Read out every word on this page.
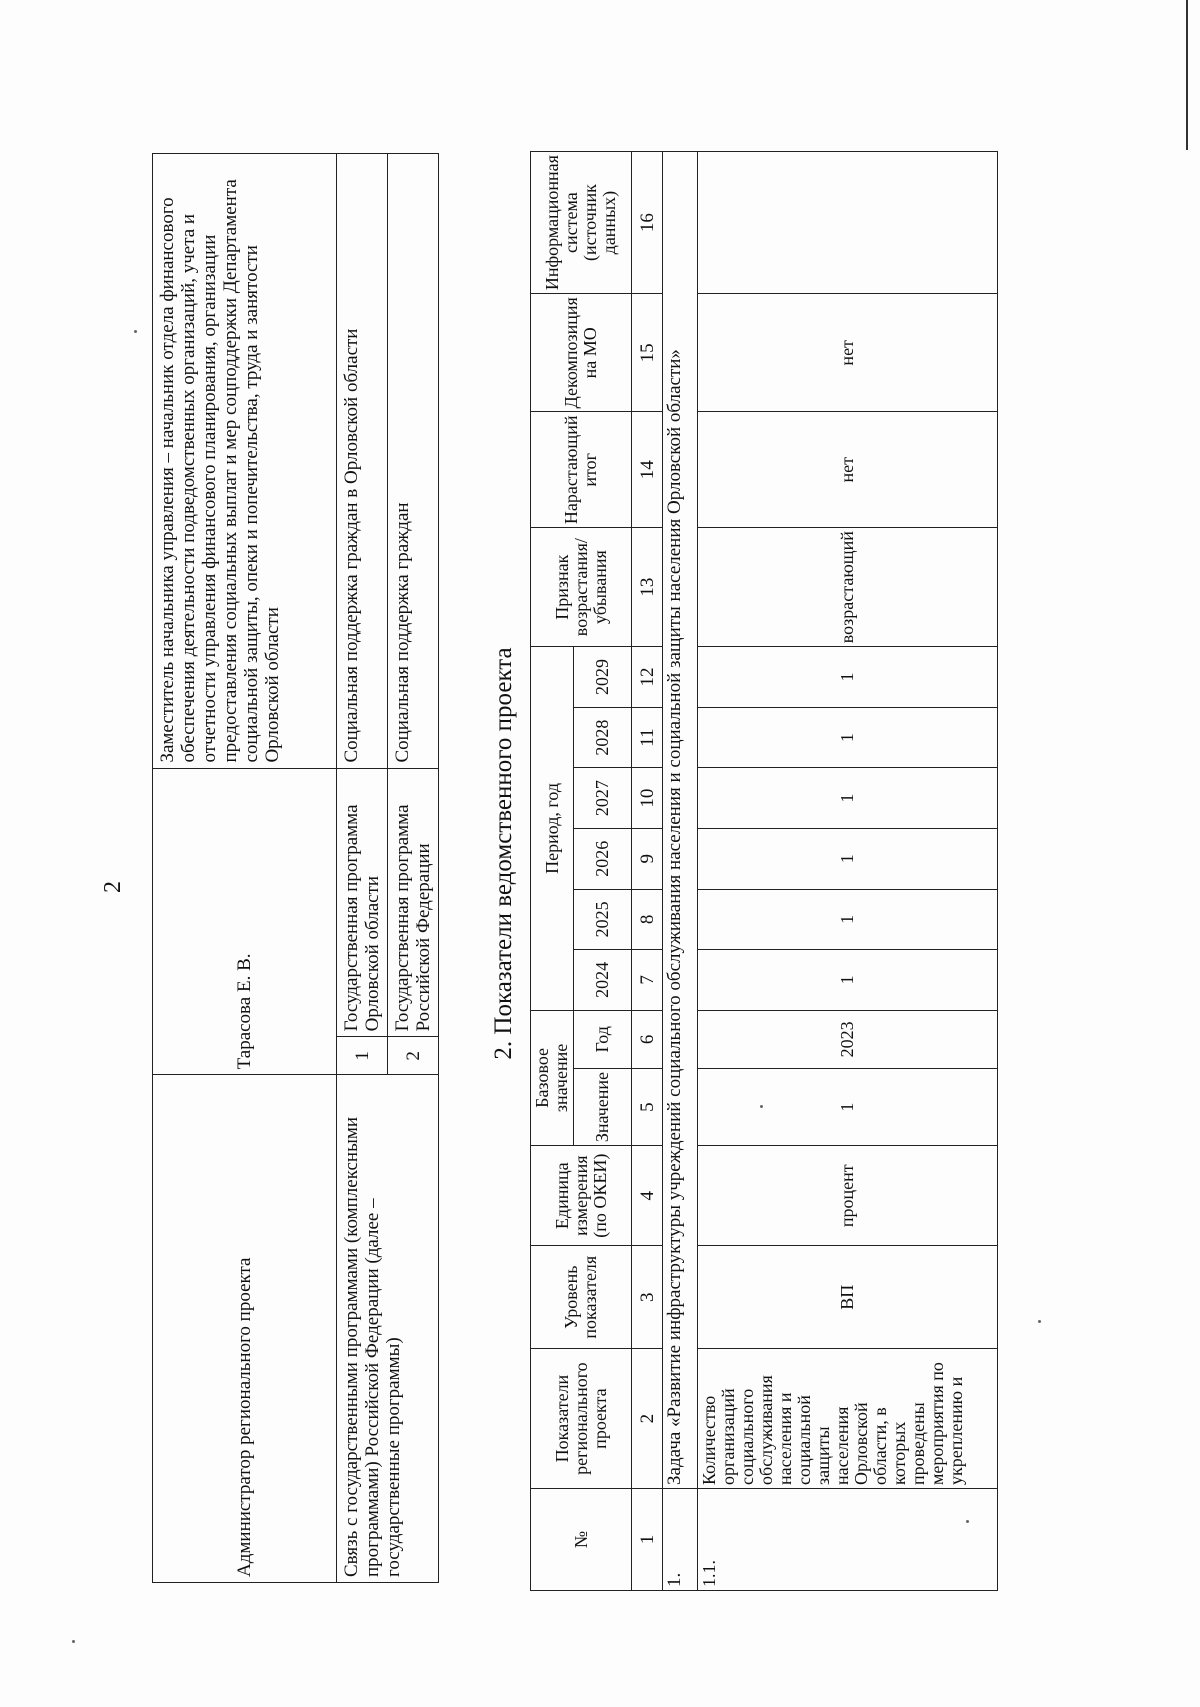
2
Администратор регионального проекта	Тарасова Е. В.		Заместитель начальника управления – начальник отдела финансового обеспечения деятельности подведомственных организаций, учета и отчетности управления финансового планирования, организации предоставления социальных выплат и мер соцподдержки Департамента социальной защиты, опеки и попечительства, труда и занятости Орловской области
Связь с государственными программами (комплексными программами) Российской Федерации (далее – государственные программы)	1	Государственная программа Орловской области	Социальная поддержка граждан в Орловской области
	2	Государственная программа Российской Федерации	Социальная поддержка граждан
2. Показатели ведомственного проекта
№	Показатели регионального проекта	Уровень показателя	Единица измерения (по ОКЕИ)	Базовое значение		Период, год						Признак возрастания/убывания	Нарастающий итог	Декомпозиция на МО	Информационная система (источник данных)
				Значение	Год	2024	2025	2026	2027	2028	2029				
1	2	3	4	5	6	7	8	9	10	11	12	13	14	15	16
1.	Задача «Развитие инфраструктуры учреждений социального обслуживания населения и социальной защиты населения Орловской области»														
1.1.	Количество организаций социального обслуживания населения и социальной защиты населения Орловской области, в которых проведены мероприятия по укреплению и	ВП	процент	1	2023	1	1	1	1	1	1	возрастающий	нет	нет	
